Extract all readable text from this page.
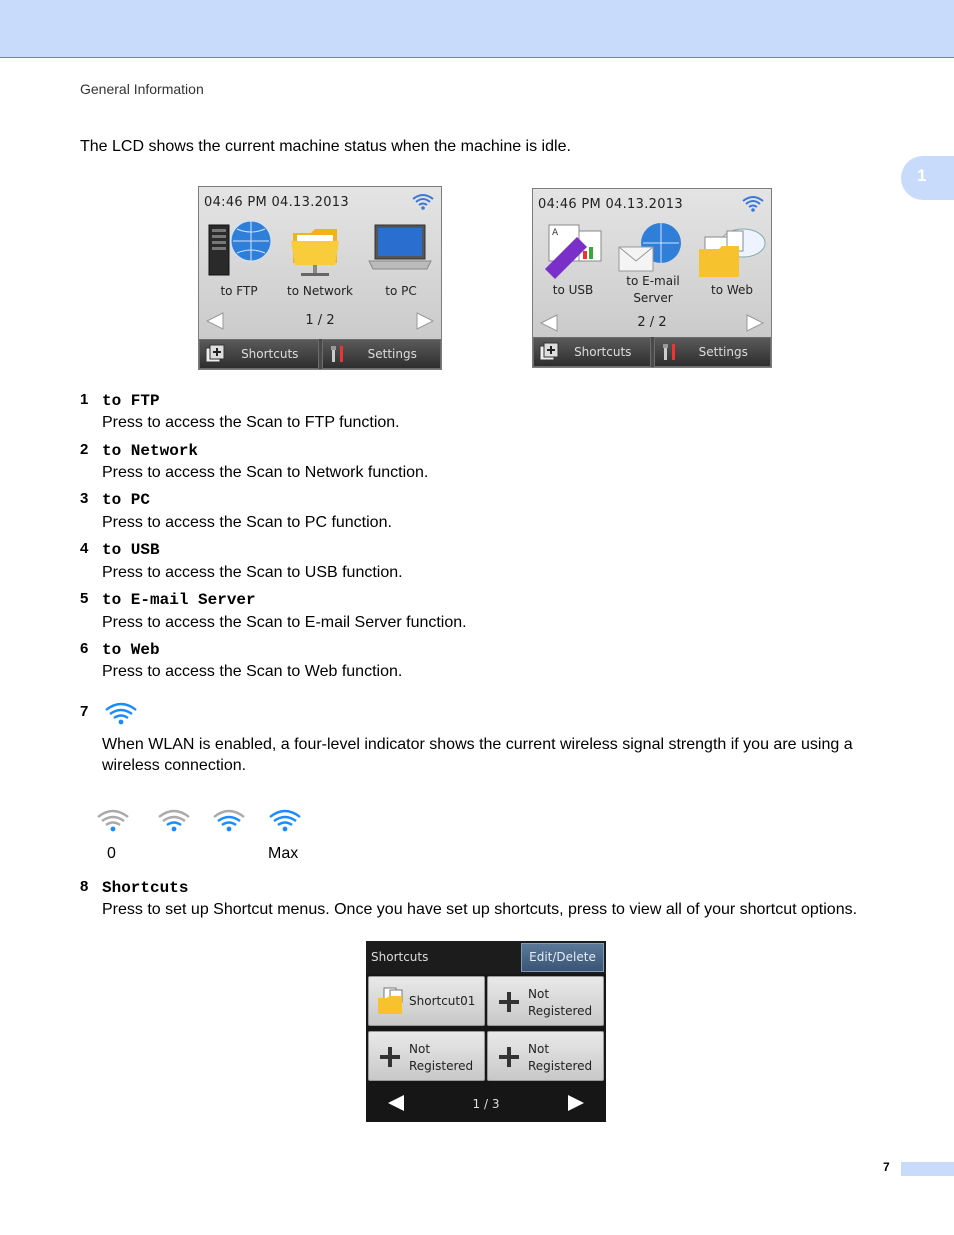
General Information
1

The LCD shows the current machine status when the machine is idle.

04:46 PM 04.13.2013
to FTP	to Network	to PC
1 / 2
Shortcuts	Settings
04:46 PM 04.13.2013
A
to USB
to E-mail
Server
to Web
2 / 2
Shortcuts	Settings
1 to FTP
Press to access the Scan to FTP function.
2 to Network
Press to access the Scan to Network function.
3 to PC
Press to access the Scan to PC function.
4 to USB
Press to access the Scan to USB function.
5 to E-mail Server
Press to access the Scan to E-mail Server function.
6 to Web
Press to access the Scan to Web function.
7

When WLAN is enabled, a four-level indicator shows the current wireless signal strength if you are using a wireless connection.

0	Max
8 Shortcuts
Press to set up Shortcut menus. Once you have set up shortcuts, press to view all of your shortcut options.
Shortcuts	Edit/Delete
Shortcut01	Not
Registered
Not
Registered
Not
Registered
1 / 3
7
